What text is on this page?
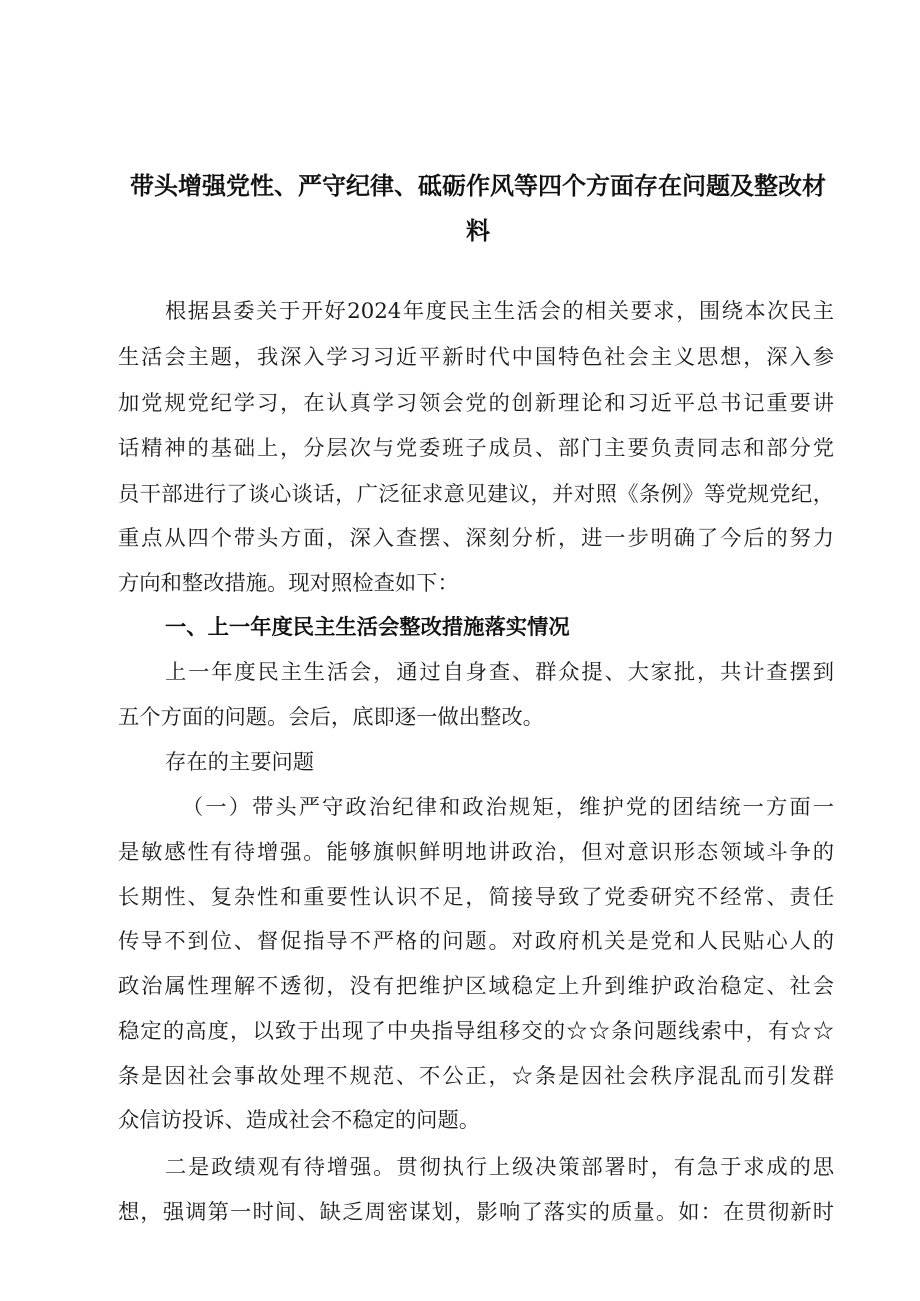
带头增强党性、严守纪律、砥砺作风等四个方面存在问题及整改材
料
根据县委关于开好2024年度民主生活会的相关要求，围绕本次民主
生活会主题，我深入学习习近平新时代中国特色社会主义思想，深入参
加党规党纪学习，在认真学习领会党的创新理论和习近平总书记重要讲
话精神的基础上，分层次与党委班子成员、部门主要负责同志和部分党
员干部进行了谈心谈话，广泛征求意见建议，并对照《条例》等党规党纪，
重点从四个带头方面，深入查摆、深刻分析，进一步明确了今后的努力
方向和整改措施。现对照检查如下：
一、上一年度民主生活会整改措施落实情况
上一年度民主生活会，通过自身查、群众提、大家批，共计查摆到
五个方面的问题。会后，底即逐一做出整改。
存在的主要问题
（一）带头严守政治纪律和政治规矩，维护党的团结统一方面一
是敏感性有待增强。能够旗帜鲜明地讲政治，但对意识形态领域斗争的
长期性、复杂性和重要性认识不足，简接导致了党委研究不经常、责任
传导不到位、督促指导不严格的问题。对政府机关是党和人民贴心人的
政治属性理解不透彻，没有把维护区域稳定上升到维护政治稳定、社会
稳定的高度，以致于出现了中央指导组移交的☆☆条问题线索中，有☆☆
条是因社会事故处理不规范、不公正，☆条是因社会秩序混乱而引发群
众信访投诉、造成社会不稳定的问题。
二是政绩观有待增强。贯彻执行上级决策部署时，有急于求成的思
想，强调第一时间、缺乏周密谋划，影响了落实的质量。如：在贯彻新时
